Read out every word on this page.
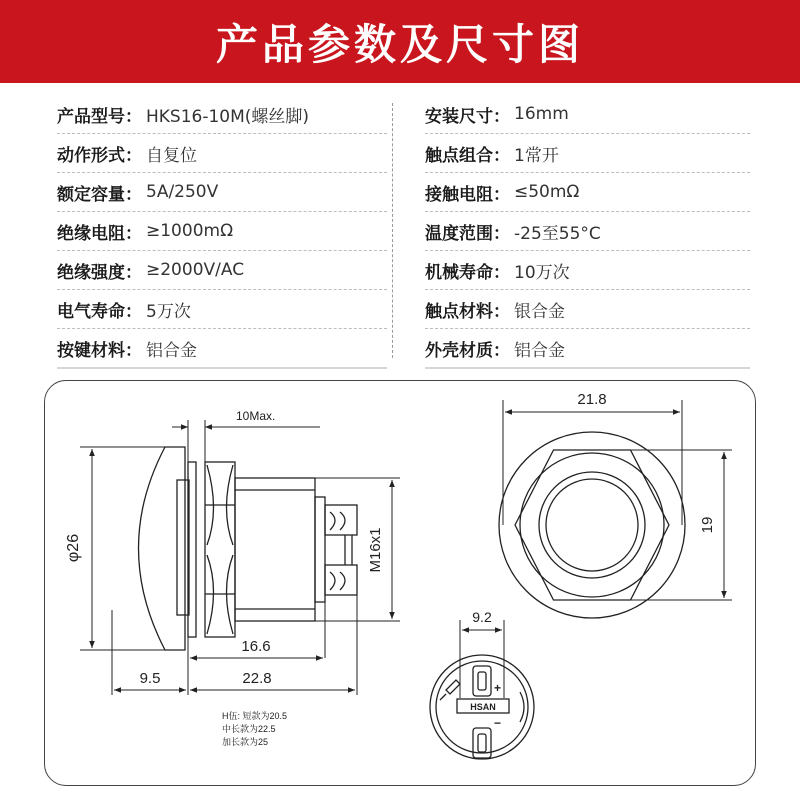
产品参数及尺寸图
产品型号： HKS16-10M(螺丝脚)
动作形式： 自复位
额定容量： 5A/250V
绝缘电阻： ≥1000mΩ
绝缘强度： ≥2000V/AC
电气寿命： 5万次
按键材料： 铝合金
安装尺寸： 16mm
触点组合： 1常开
接触电阻： ≤50mΩ
温度范围： -25至55°C
机械寿命： 10万次
触点材料： 银合金
外壳材质： 铝合金
10Max.
φ26	M16x1
16.6
9.5	22.8
H伍: 短款为20.5
中长款为22.5
加长款为25
21.8
19
9.2
+
−
HSAN
